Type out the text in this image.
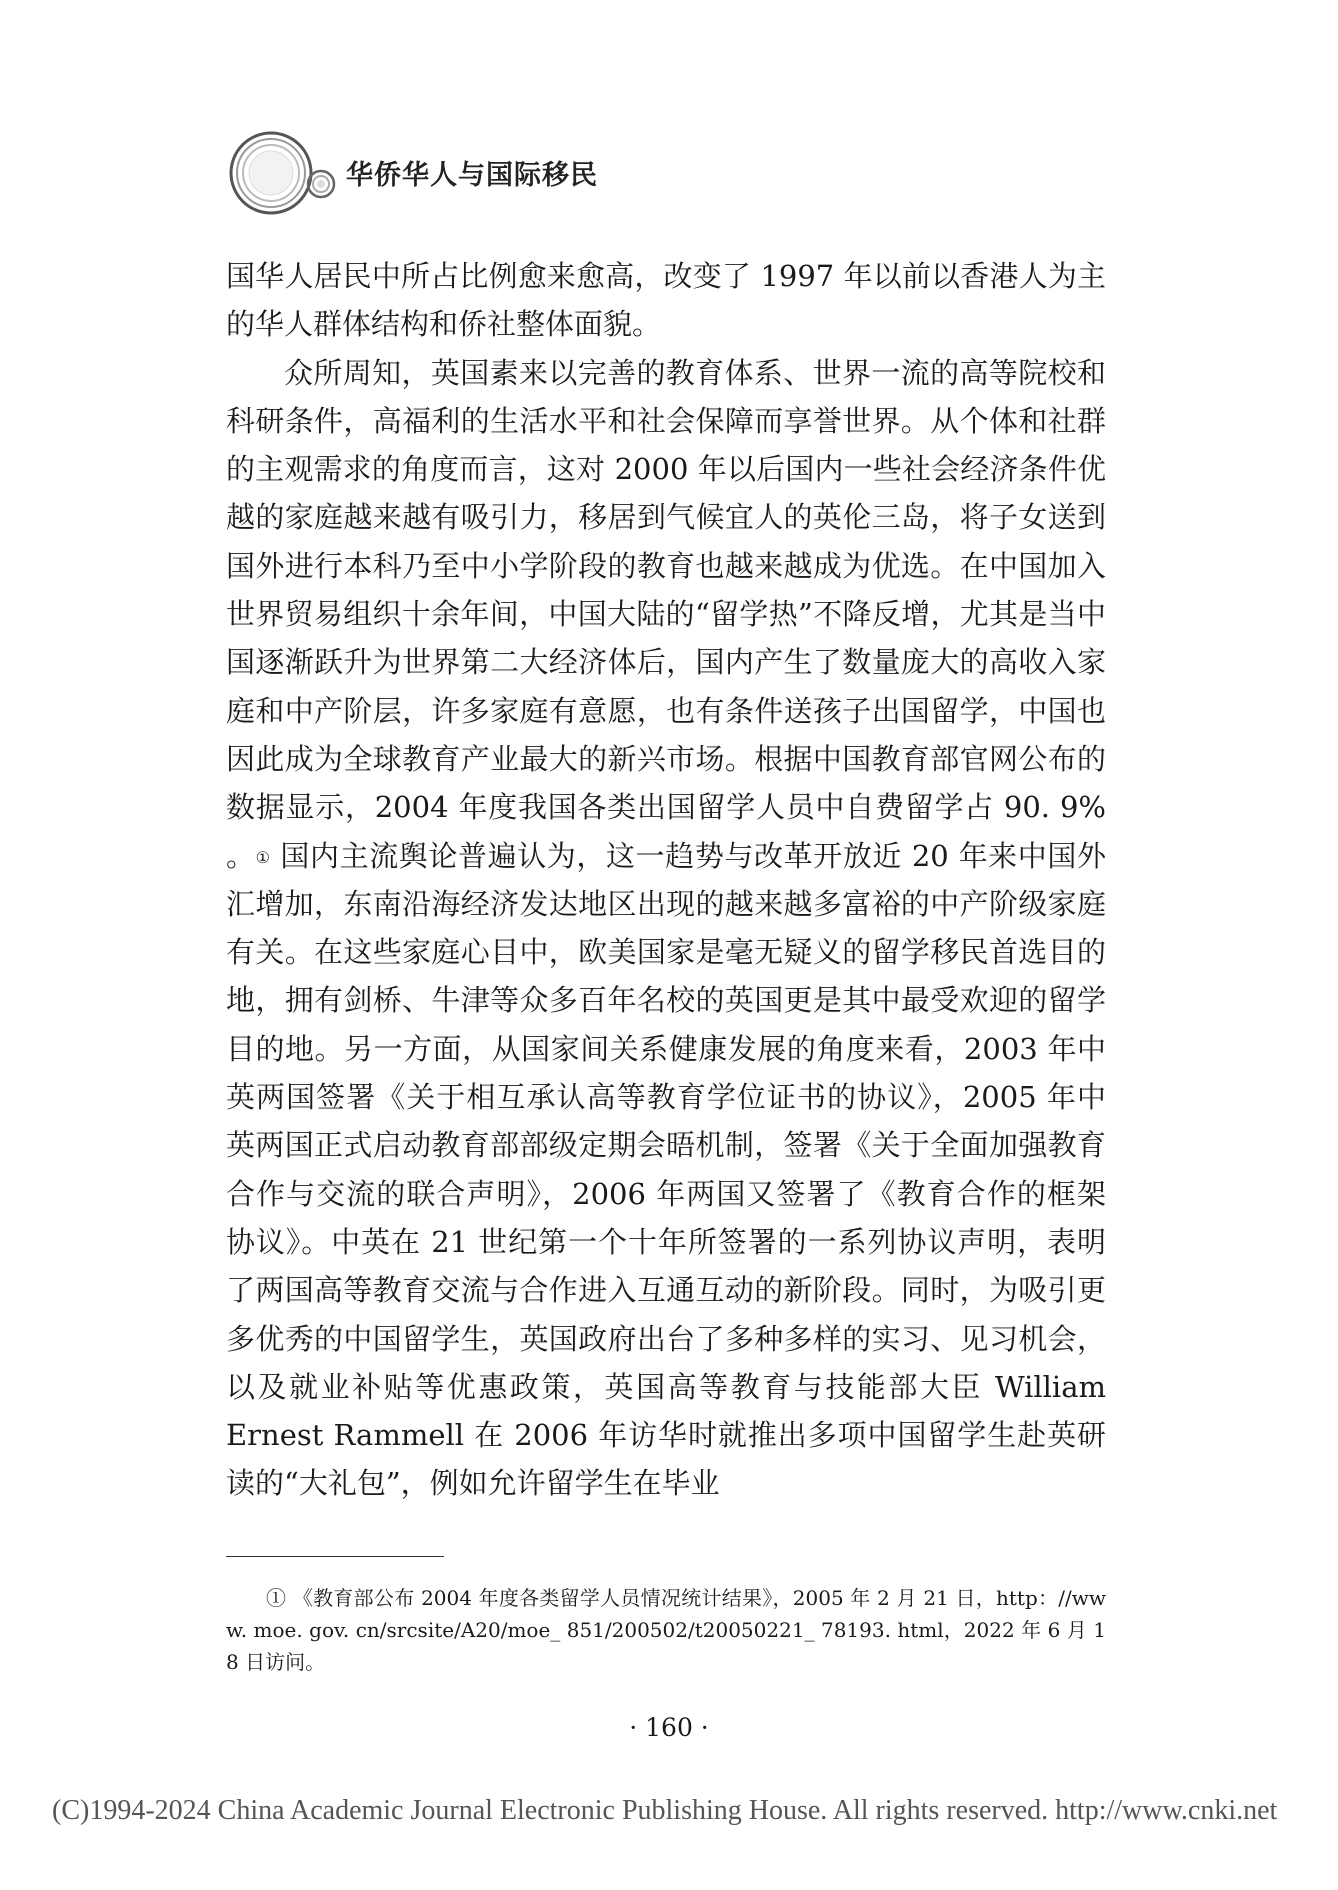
华侨华人与国际移民

国华人居民中所占比例愈来愈高，改变了 1997 年以前以香港人为主的华人群体结构和侨社整体面貌。

众所周知，英国素来以完善的教育体系、世界一流的高等院校和科研条件，高福利的生活水平和社会保障而享誉世界。从个体和社群的主观需求的角度而言，这对 2000 年以后国内一些社会经济条件优越的家庭越来越有吸引力，移居到气候宜人的英伦三岛，将子女送到国外进行本科乃至中小学阶段的教育也越来越成为优选。在中国加入世界贸易组织十余年间，中国大陆的“留学热”不降反增，尤其是当中国逐渐跃升为世界第二大经济体后，国内产生了数量庞大的高收入家庭和中产阶层，许多家庭有意愿，也有条件送孩子出国留学，中国也因此成为全球教育产业最大的新兴市场。根据中国教育部官网公布的数据显示，2004 年度我国各类出国留学人员中自费留学占 90. 9% 。① 国内主流舆论普遍认为，这一趋势与改革开放近 20 年来中国外汇增加，东南沿海经济发达地区出现的越来越多富裕的中产阶级家庭有关。在这些家庭心目中，欧美国家是毫无疑义的留学移民首选目的地，拥有剑桥、牛津等众多百年名校的英国更是其中最受欢迎的留学目的地。另一方面，从国家间关系健康发展的角度来看，2003 年中英两国签署《关于相互承认高等教育学位证书的协议》，2005 年中英两国正式启动教育部部级定期会晤机制，签署《关于全面加强教育合作与交流的联合声明》，2006 年两国又签署了《教育合作的框架协议》。中英在 21 世纪第一个十年所签署的一系列协议声明，表明了两国高等教育交流与合作进入互通互动的新阶段。同时，为吸引更多优秀的中国留学生，英国政府出台了多种多样的实习、见习机会，以及就业补贴等优惠政策，英国高等教育与技能部大臣 William Ernest Rammell 在 2006 年访华时就推出多项中国留学生赴英研读的“大礼包”，例如允许留学生在毕业

① 《教育部公布 2004 年度各类留学人员情况统计结果》，2005 年 2 月 21 日，http：//www. moe. gov. cn/srcsite/A20/moe_ 851/200502/t20050221_ 78193. html，2022 年 6 月 18 日访问。
· 160 ·
(C)1994-2024 China Academic Journal Electronic Publishing House. All rights reserved. http://www.cnki.net
